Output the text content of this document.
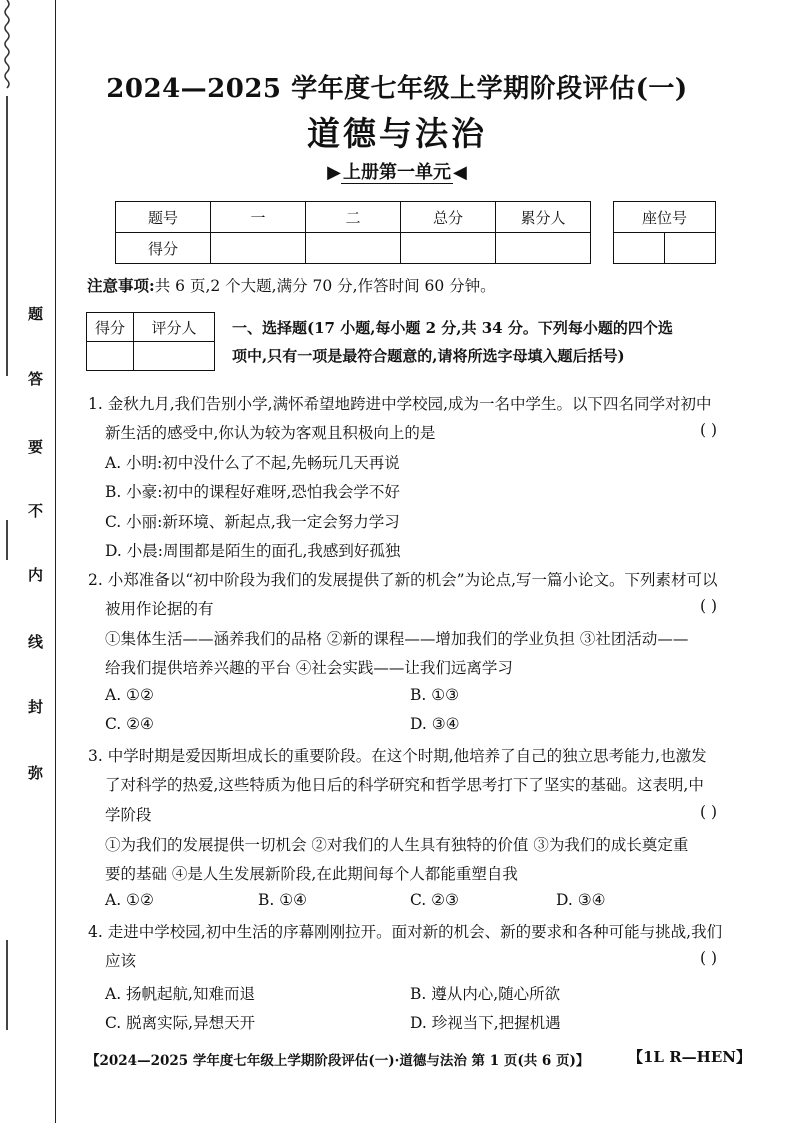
题
答
要
不
内
线
封
弥
2024—2025 学年度七年级上学期阶段评估(一)
道德与法治
▶ 上册第一单元 ◀
题号	一	二	总分	累分人
得分				
座位号

注意事项:共 6 页,2 个大题,满分 70 分,作答时间 60 分钟。
得分	评分人
	一、选择题(17 小题,每小题 2 分,共 34 分。下列每小题的四个选
项中,只有一项是最符合题意的,请将所选字母填入题后括号)
1. 金秋九月,我们告别小学,满怀希望地跨进中学校园,成为一名中学生。以下四名同学对初中
新生活的感受中,你认为较为客观且积极向上的是	( )
A. 小明:初中没什么了不起,先畅玩几天再说
B. 小豪:初中的课程好难呀,恐怕我会学不好
C. 小丽:新环境、新起点,我一定会努力学习
D. 小晨:周围都是陌生的面孔,我感到好孤独
2. 小郑准备以“初中阶段为我们的发展提供了新的机会”为论点,写一篇小论文。下列素材可以
被用作论据的有	( )
①集体生活——涵养我们的品格 ②新的课程——增加我们的学业负担 ③社团活动——
给我们提供培养兴趣的平台 ④社会实践——让我们远离学习
A. ①②	B. ①③
C. ②④	D. ③④
3. 中学时期是爱因斯坦成长的重要阶段。在这个时期,他培养了自己的独立思考能力,也激发
了对科学的热爱,这些特质为他日后的科学研究和哲学思考打下了坚实的基础。这表明,中
学阶段	( )
①为我们的发展提供一切机会 ②对我们的人生具有独特的价值 ③为我们的成长奠定重
要的基础 ④是人生发展新阶段,在此期间每个人都能重塑自我
A. ①②	B. ①④	C. ②③	D. ③④
4. 走进中学校园,初中生活的序幕刚刚拉开。面对新的机会、新的要求和各种可能与挑战,我们
应该	( )
A. 扬帆起航,知难而退	B. 遵从内心,随心所欲
C. 脱离实际,异想天开	D. 珍视当下,把握机遇
【2024—2025 学年度七年级上学期阶段评估(一)·道德与法治 第 1 页(共 6 页)】	【1L R—HEN】
